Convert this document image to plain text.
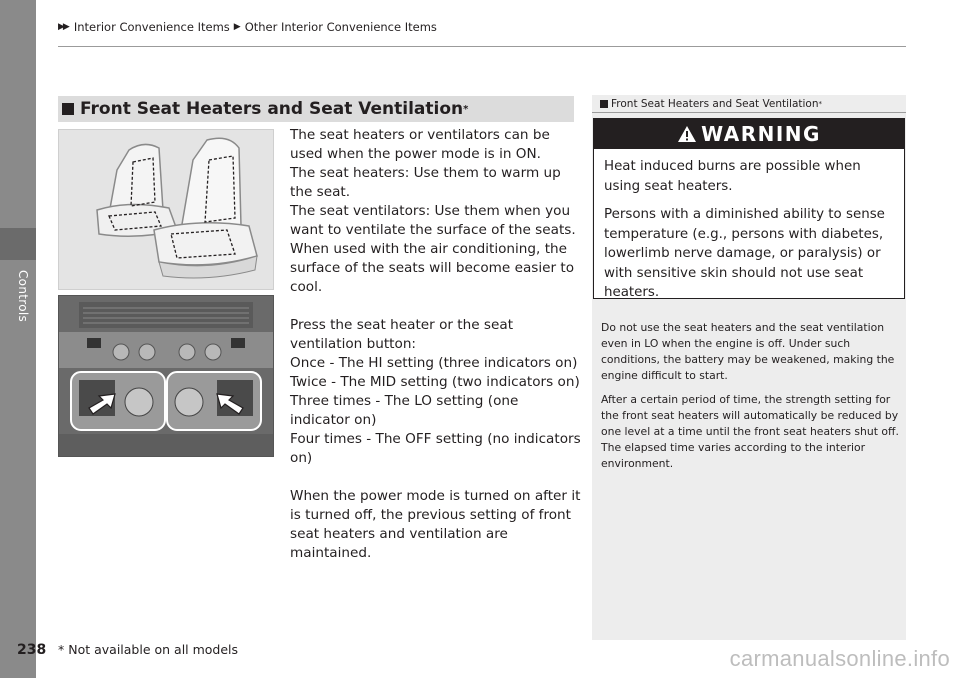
Controls
▶▶ Interior Convenience Items ▶ Other Interior Convenience Items
Front Seat Heaters and Seat Ventilation *

The seat heaters or ventilators can be used when the power mode is in ON.

The seat heaters: Use them to warm up the seat.

The seat ventilators: Use them when you want to ventilate the surface of the seats.

When used with the air conditioning, the surface of the seats will become easier to cool.

Press the seat heater or the seat ventilation button:

Once - The HI setting (three indicators on)

Twice - The MID setting (two indicators on)

Three times - The LO setting (one indicator on)

Four times - The OFF setting (no indicators on)

When the power mode is turned on after it is turned off, the previous setting of front seat heaters and ventilation are maintained.

Front Seat Heaters and Seat Ventilation *
WARNING

Heat induced burns are possible when using seat heaters.

Persons with a diminished ability to sense temperature (e.g., persons with diabetes, lowerlimb nerve damage, or paralysis) or with sensitive skin should not use seat heaters.

Do not use the seat heaters and the seat ventilation even in LO when the engine is off. Under such conditions, the battery may be weakened, making the engine difficult to start.

After a certain period of time, the strength setting for the front seat heaters will automatically be reduced by one level at a time until the front seat heaters shut off. The elapsed time varies according to the interior environment.

238 * Not available on all models	carmanualsonline.info
